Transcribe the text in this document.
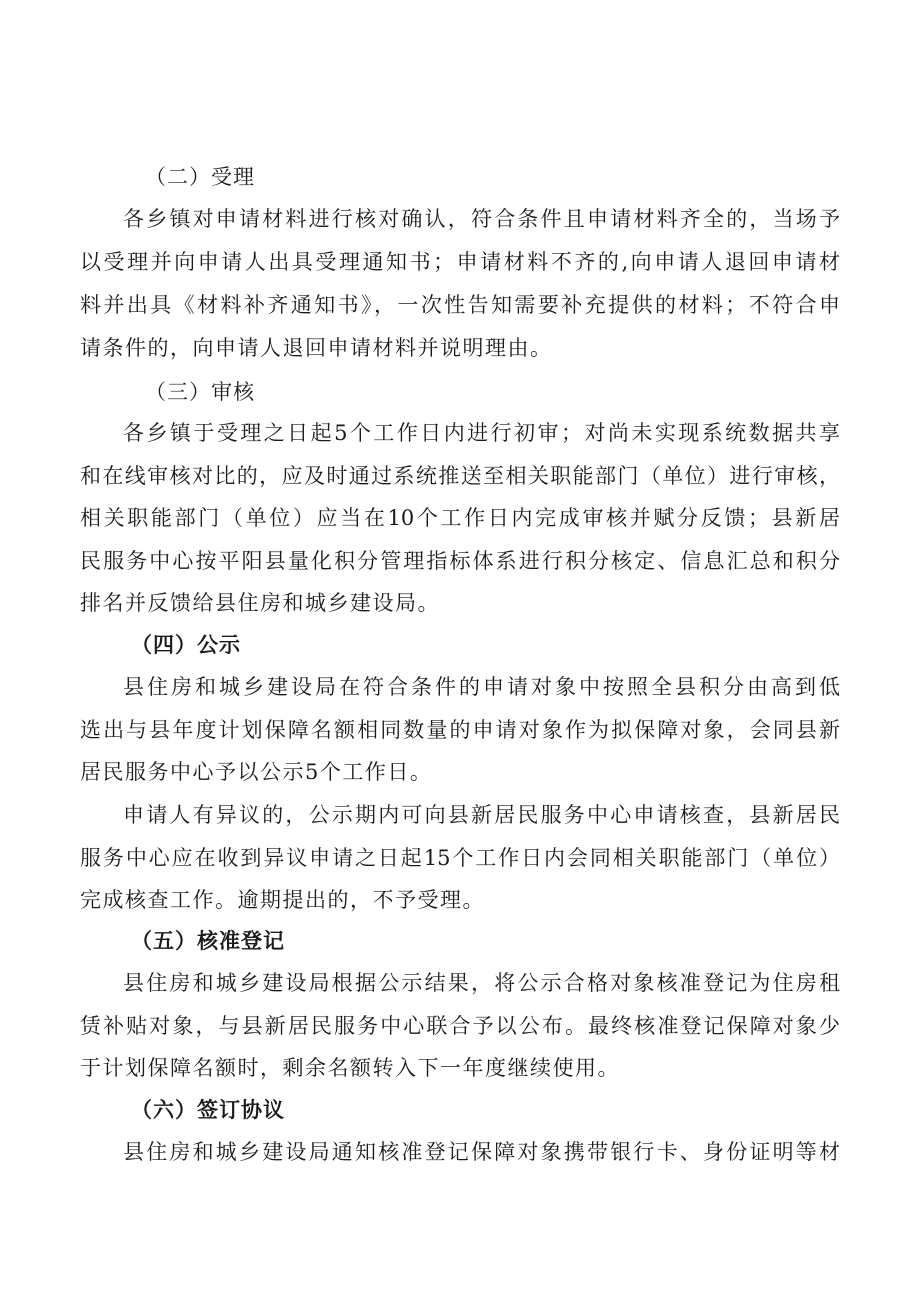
（二）受理
各乡镇对申请材料进行核对确认，符合条件且申请材料齐全的，当场予
以受理并向申请人出具受理通知书；申请材料不齐的,向申请人退回申请材
料并出具《材料补齐通知书》，一次性告知需要补充提供的材料；不符合申
请条件的，向申请人退回申请材料并说明理由。
（三）审核
各乡镇于受理之日起5个工作日内进行初审；对尚未实现系统数据共享
和在线审核对比的，应及时通过系统推送至相关职能部门（单位）进行审核，
相关职能部门（单位）应当在10个工作日内完成审核并赋分反馈；县新居
民服务中心按平阳县量化积分管理指标体系进行积分核定、信息汇总和积分
排名并反馈给县住房和城乡建设局。
（四）公示
县住房和城乡建设局在符合条件的申请对象中按照全县积分由高到低
选出与县年度计划保障名额相同数量的申请对象作为拟保障对象，会同县新
居民服务中心予以公示5个工作日。
申请人有异议的，公示期内可向县新居民服务中心申请核查，县新居民
服务中心应在收到异议申请之日起15个工作日内会同相关职能部门（单位）
完成核查工作。逾期提出的，不予受理。
（五）核准登记
县住房和城乡建设局根据公示结果，将公示合格对象核准登记为住房租
赁补贴对象，与县新居民服务中心联合予以公布。最终核准登记保障对象少
于计划保障名额时，剩余名额转入下一年度继续使用。
（六）签订协议
县住房和城乡建设局通知核准登记保障对象携带银行卡、身份证明等材
